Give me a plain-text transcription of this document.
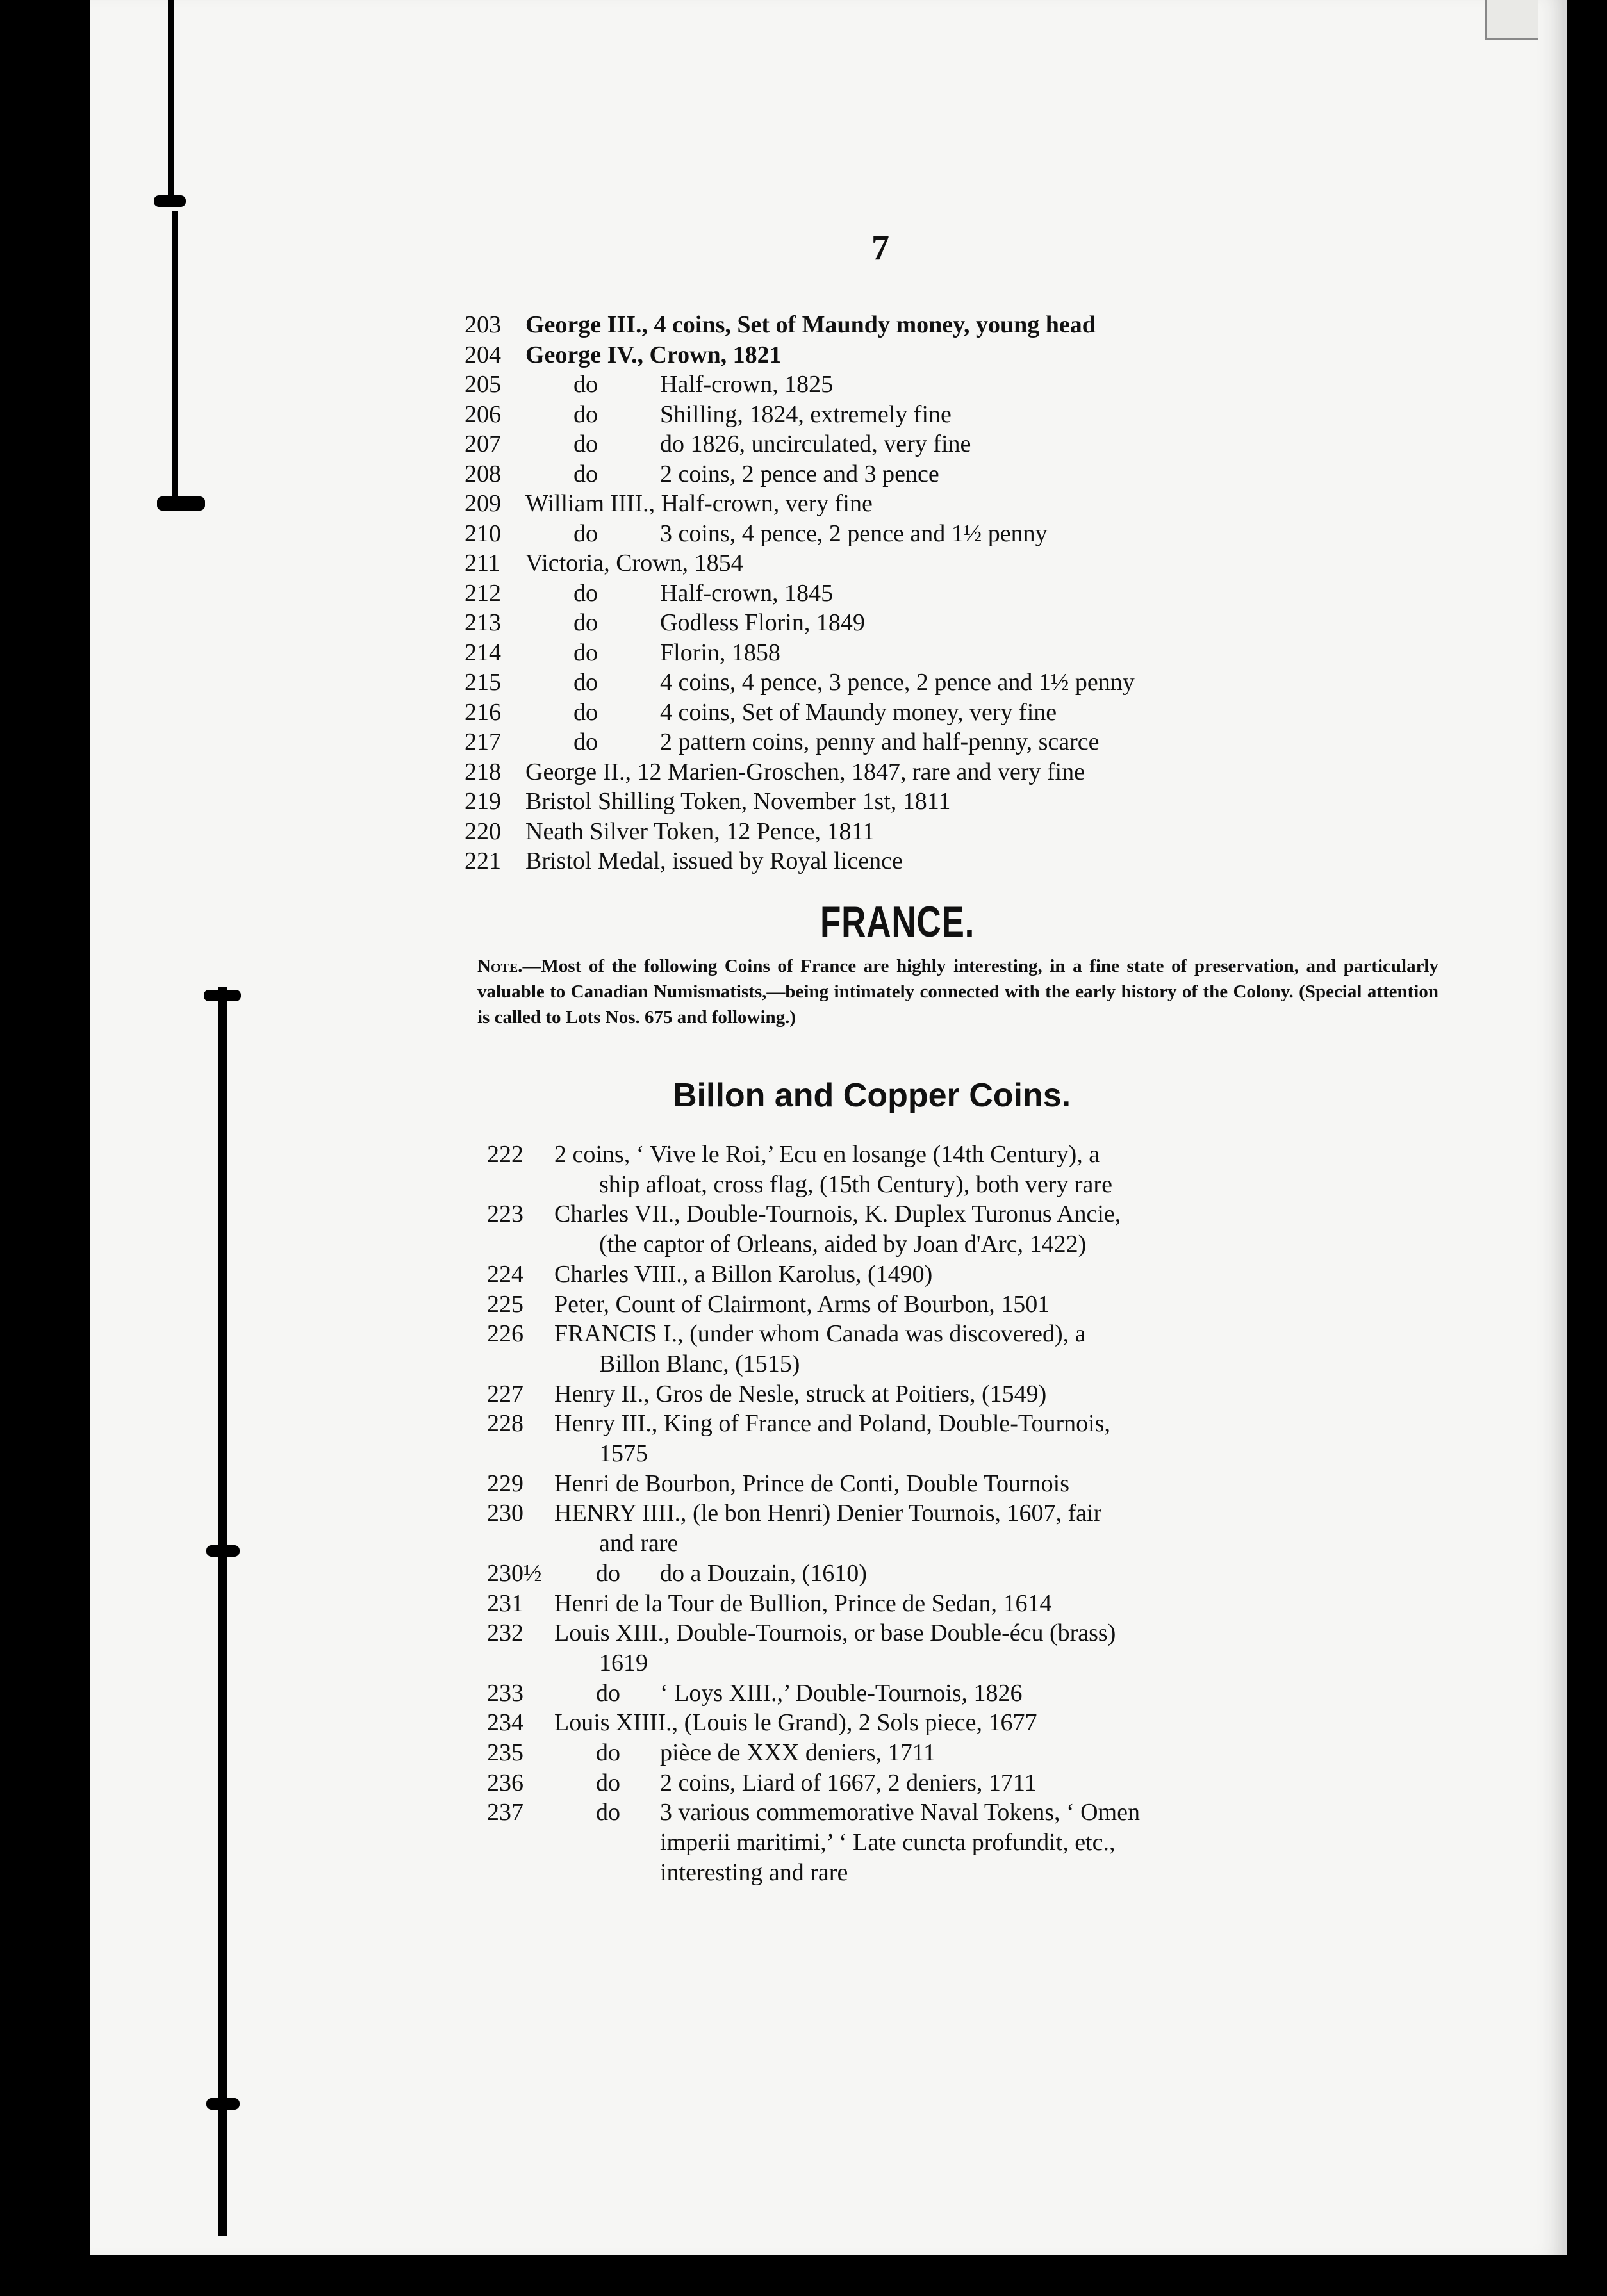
7
203 George III., 4 coins, Set of Maundy money, young head
204 George IV., Crown, 1821
205	do	Half-crown, 1825
206	do	Shilling, 1824, extremely fine
207	do	do 1826, uncirculated, very fine
208	do	2 coins, 2 pence and 3 pence
209 William IIII., Half-crown, very fine
210	do	3 coins, 4 pence, 2 pence and 1½ penny
211 Victoria, Crown, 1854
212	do	Half-crown, 1845
213	do	Godless Florin, 1849
214	do	Florin, 1858
215	do	4 coins, 4 pence, 3 pence, 2 pence and 1½ penny
216	do	4 coins, Set of Maundy money, very fine
217	do	2 pattern coins, penny and half-penny, scarce
218 George II., 12 Marien-Groschen, 1847, rare and very fine
219 Bristol Shilling Token, November 1st, 1811
220 Neath Silver Token, 12 Pence, 1811
221 Bristol Medal, issued by Royal licence
FRANCE.
Note.—Most of the following Coins of France are highly interesting, in a fine state of preservation, and particularly valuable to Canadian Numismatists,—being intimately connected with the early history of the Colony. (Special attention is called to Lots Nos. 675 and following.)
Billon and Copper Coins.
222 2 coins, ‘ Vive le Roi,’ Ecu en losange (14th Century), a
ship afloat, cross flag, (15th Century), both very rare
223 Charles VII., Double-Tournois, K. Duplex Turonus Ancie,
(the captor of Orleans, aided by Joan d'Arc, 1422)
224 Charles VIII., a Billon Karolus, (1490)
225 Peter, Count of Clairmont, Arms of Bourbon, 1501
226 FRANCIS I., (under whom Canada was discovered), a
Billon Blanc, (1515)
227 Henry II., Gros de Nesle, struck at Poitiers, (1549)
228 Henry III., King of France and Poland, Double-Tournois,
1575
229 Henri de Bourbon, Prince de Conti, Double Tournois
230 HENRY IIII., (le bon Henri) Denier Tournois, 1607, fair
and rare
230½ do do a Douzain, (1610)
231 Henri de la Tour de Bullion, Prince de Sedan, 1614
232 Louis XIII., Double-Tournois, or base Double-écu (brass)
1619
233	do ‘ Loys XIII.,’ Double-Tournois, 1826
234 Louis XIIII., (Louis le Grand), 2 Sols piece, 1677
235	do pièce de XXX deniers, 1711
236	do 2 coins, Liard of 1667, 2 deniers, 1711
237	do 3 various commemorative Naval Tokens, ‘ Omen
imperii maritimi,’ ‘ Late cuncta profundit, etc.,
interesting and rare
